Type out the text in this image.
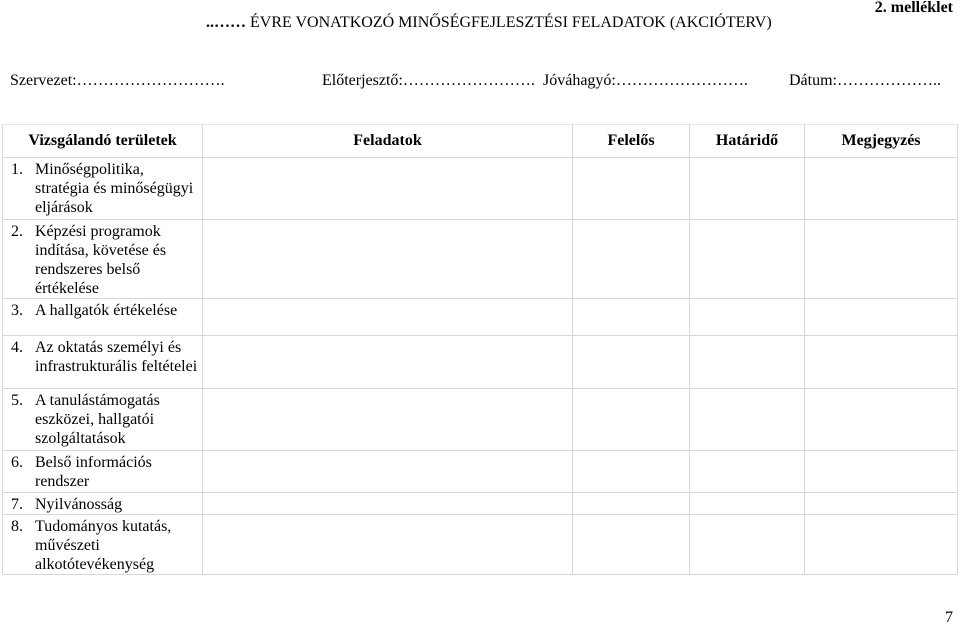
2. melléklet
..…… ÉVRE VONATKOZÓ MINŐSÉGFEJLESZTÉSI FELADATOK (AKCIÓTERV)
Szervezet:……………………….	Előterjesztő:……………………. Jóváhagyó:…………………….	Dátum:………………..
Vizsgálandó területek	Feladatok	Felelős	Határidő	Megjegyzés

1. Minőségpolitika, stratégia és minőségügyi eljárások				

2. Képzési programok indítása, követése és rendszeres belső értékelése				

3. A hallgatók értékelése				

4. Az oktatás személyi és infrastrukturális feltételei				

5. A tanulástámogatás eszközei, hallgatói szolgáltatások				

6. Belső információs rendszer				

7. Nyilvánosság				

8. Tudományos kutatás, művészeti alkotótevékenység				

7
